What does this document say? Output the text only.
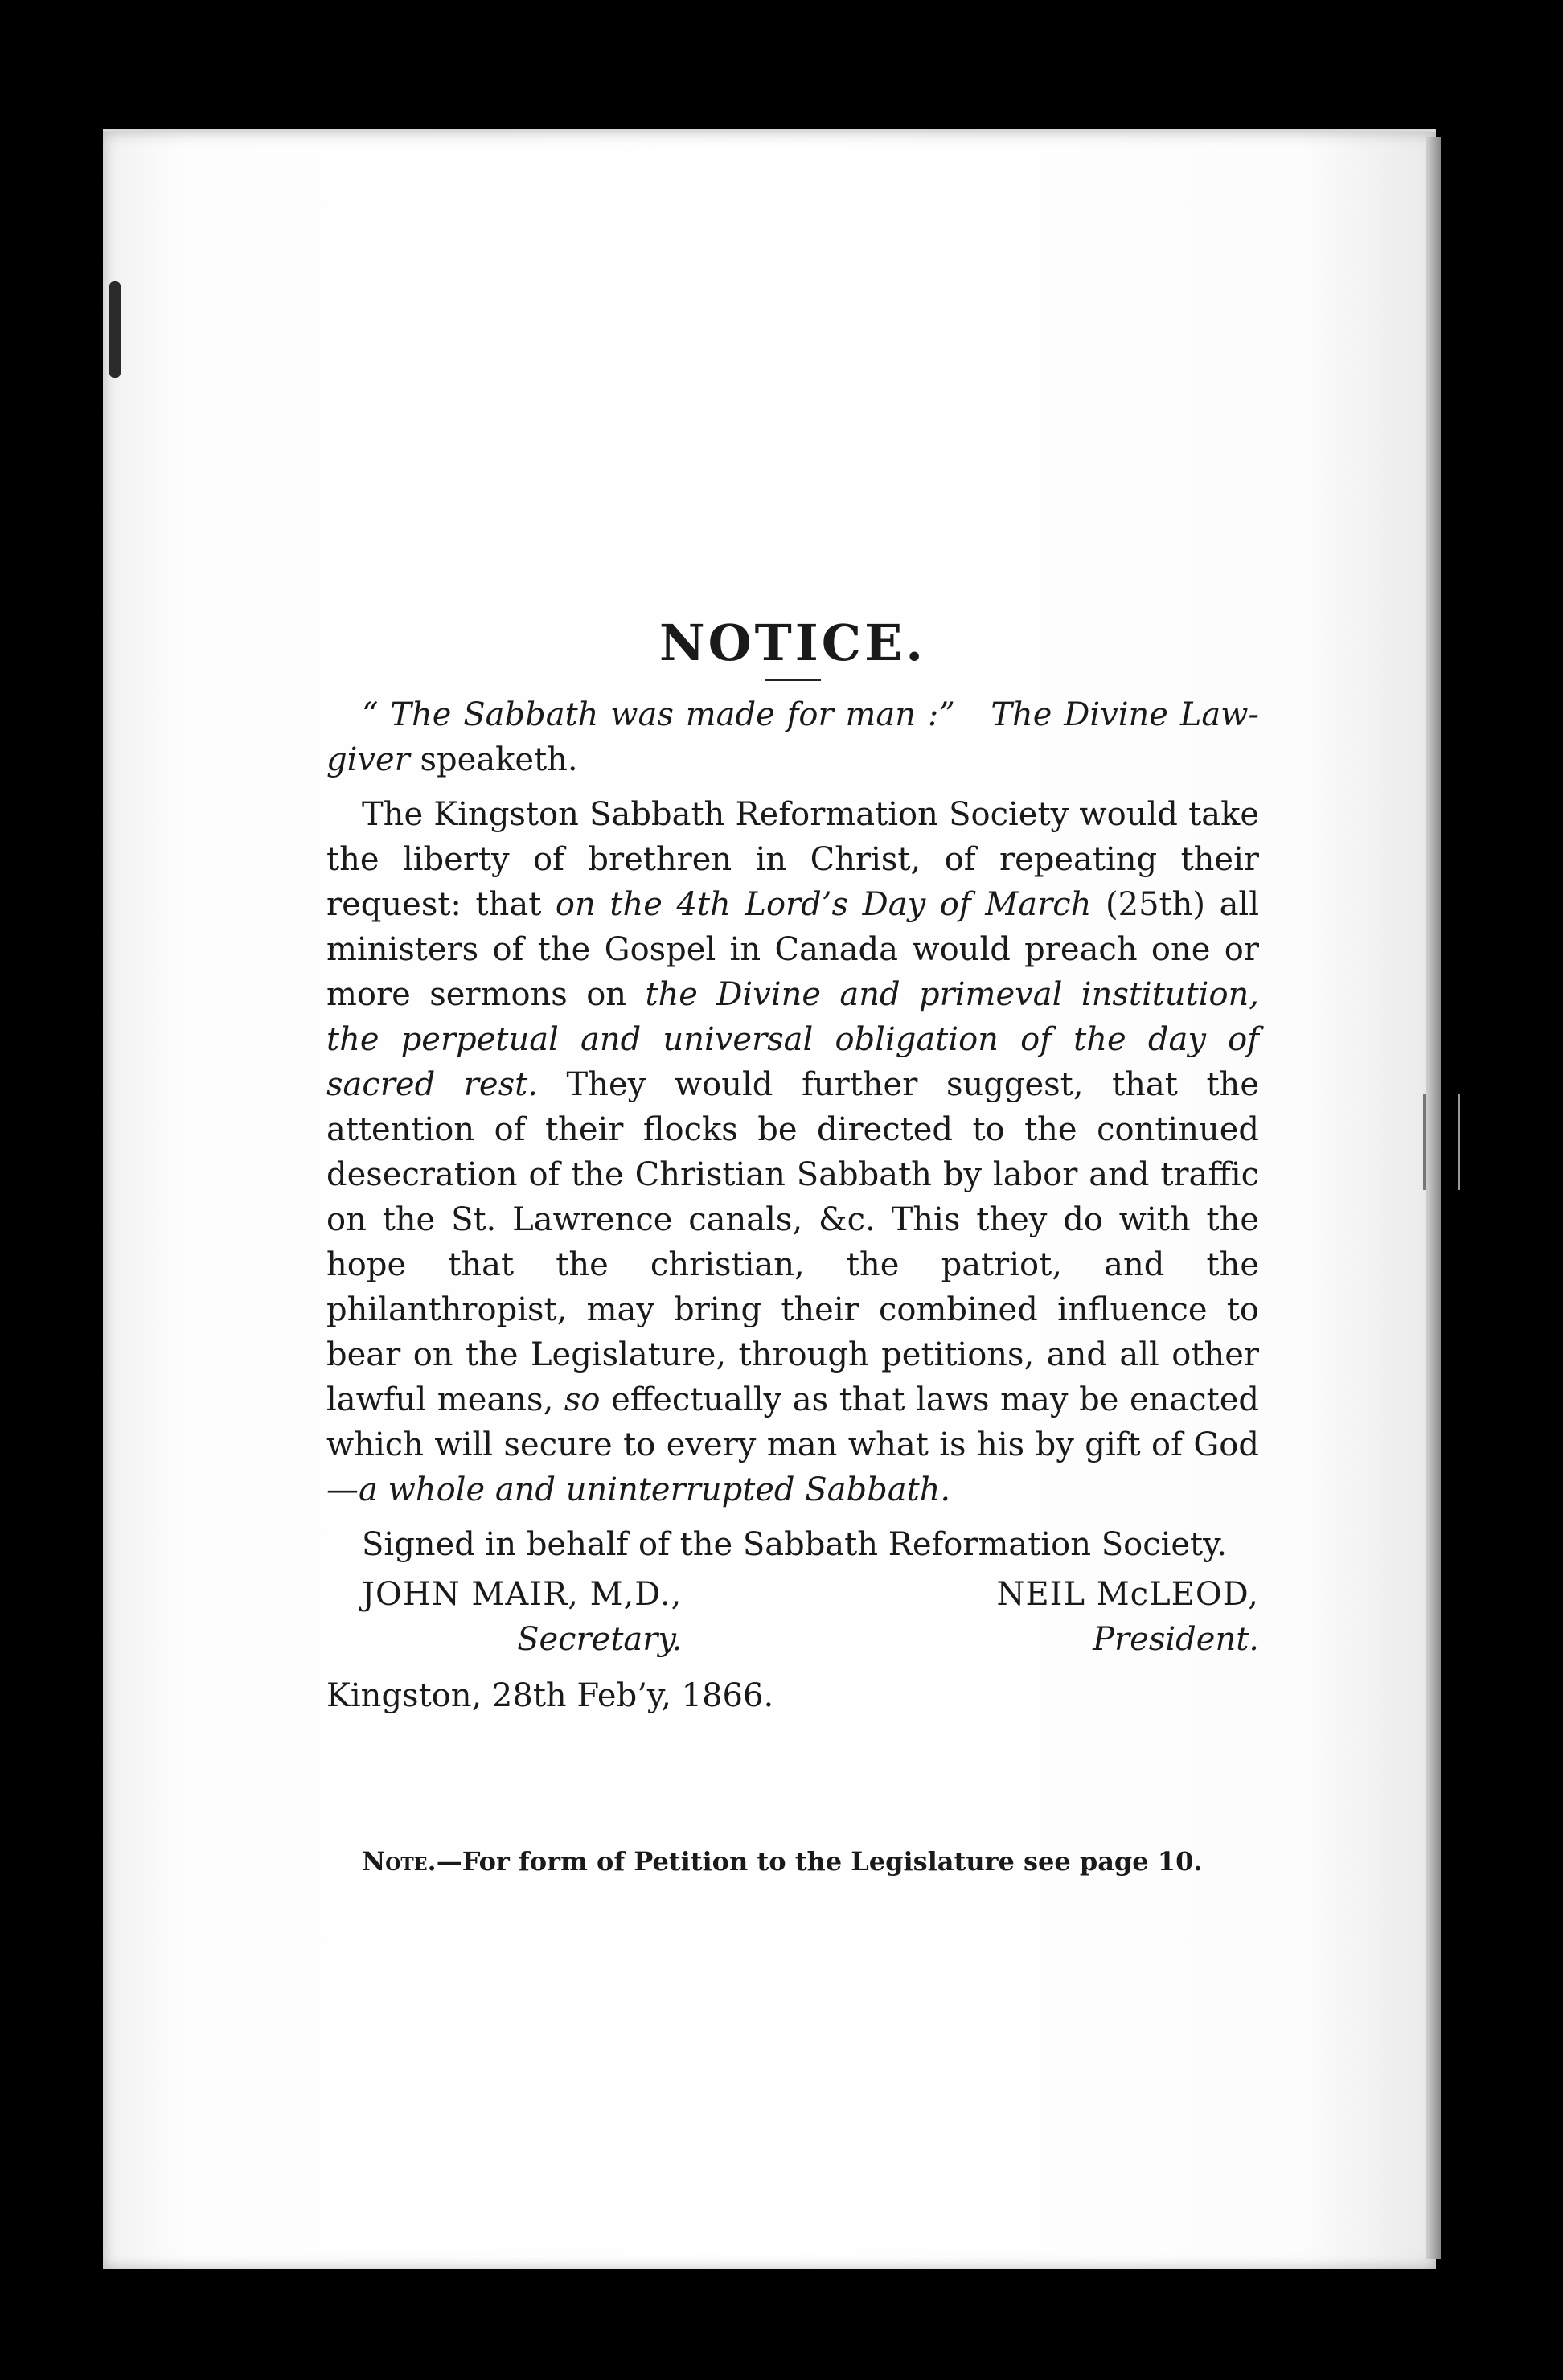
NOTICE.

“ The Sabbath was made for man :” The Divine Law-giver speaketh.

The Kingston Sabbath Reformation Society would take the liberty of brethren in Christ, of repeating their request: that on the 4th Lord’s Day of March (25th) all ministers of the Gospel in Canada would preach one or more sermons on the Divine and primeval institution, the perpetual and universal obligation of the day of sacred rest. They would further suggest, that the attention of their flocks be directed to the continued desecration of the Christian Sabbath by labor and traffic on the St. Lawrence canals, &c. This they do with the hope that the christian, the patriot, and the philanthropist, may bring their combined influence to bear on the Legislature, through petitions, and all other lawful means, so effectually as that laws may be enacted which will secure to every man what is his by gift of God—a whole and uninterrupted Sabbath.

Signed in behalf of the Sabbath Reformation Society.
JOHN MAIR, M,D.,
Secretary.
NEIL McLEOD,
President.
Kingston, 28th Feb’y, 1866.
Note.—For form of Petition to the Legislature see page 10.
